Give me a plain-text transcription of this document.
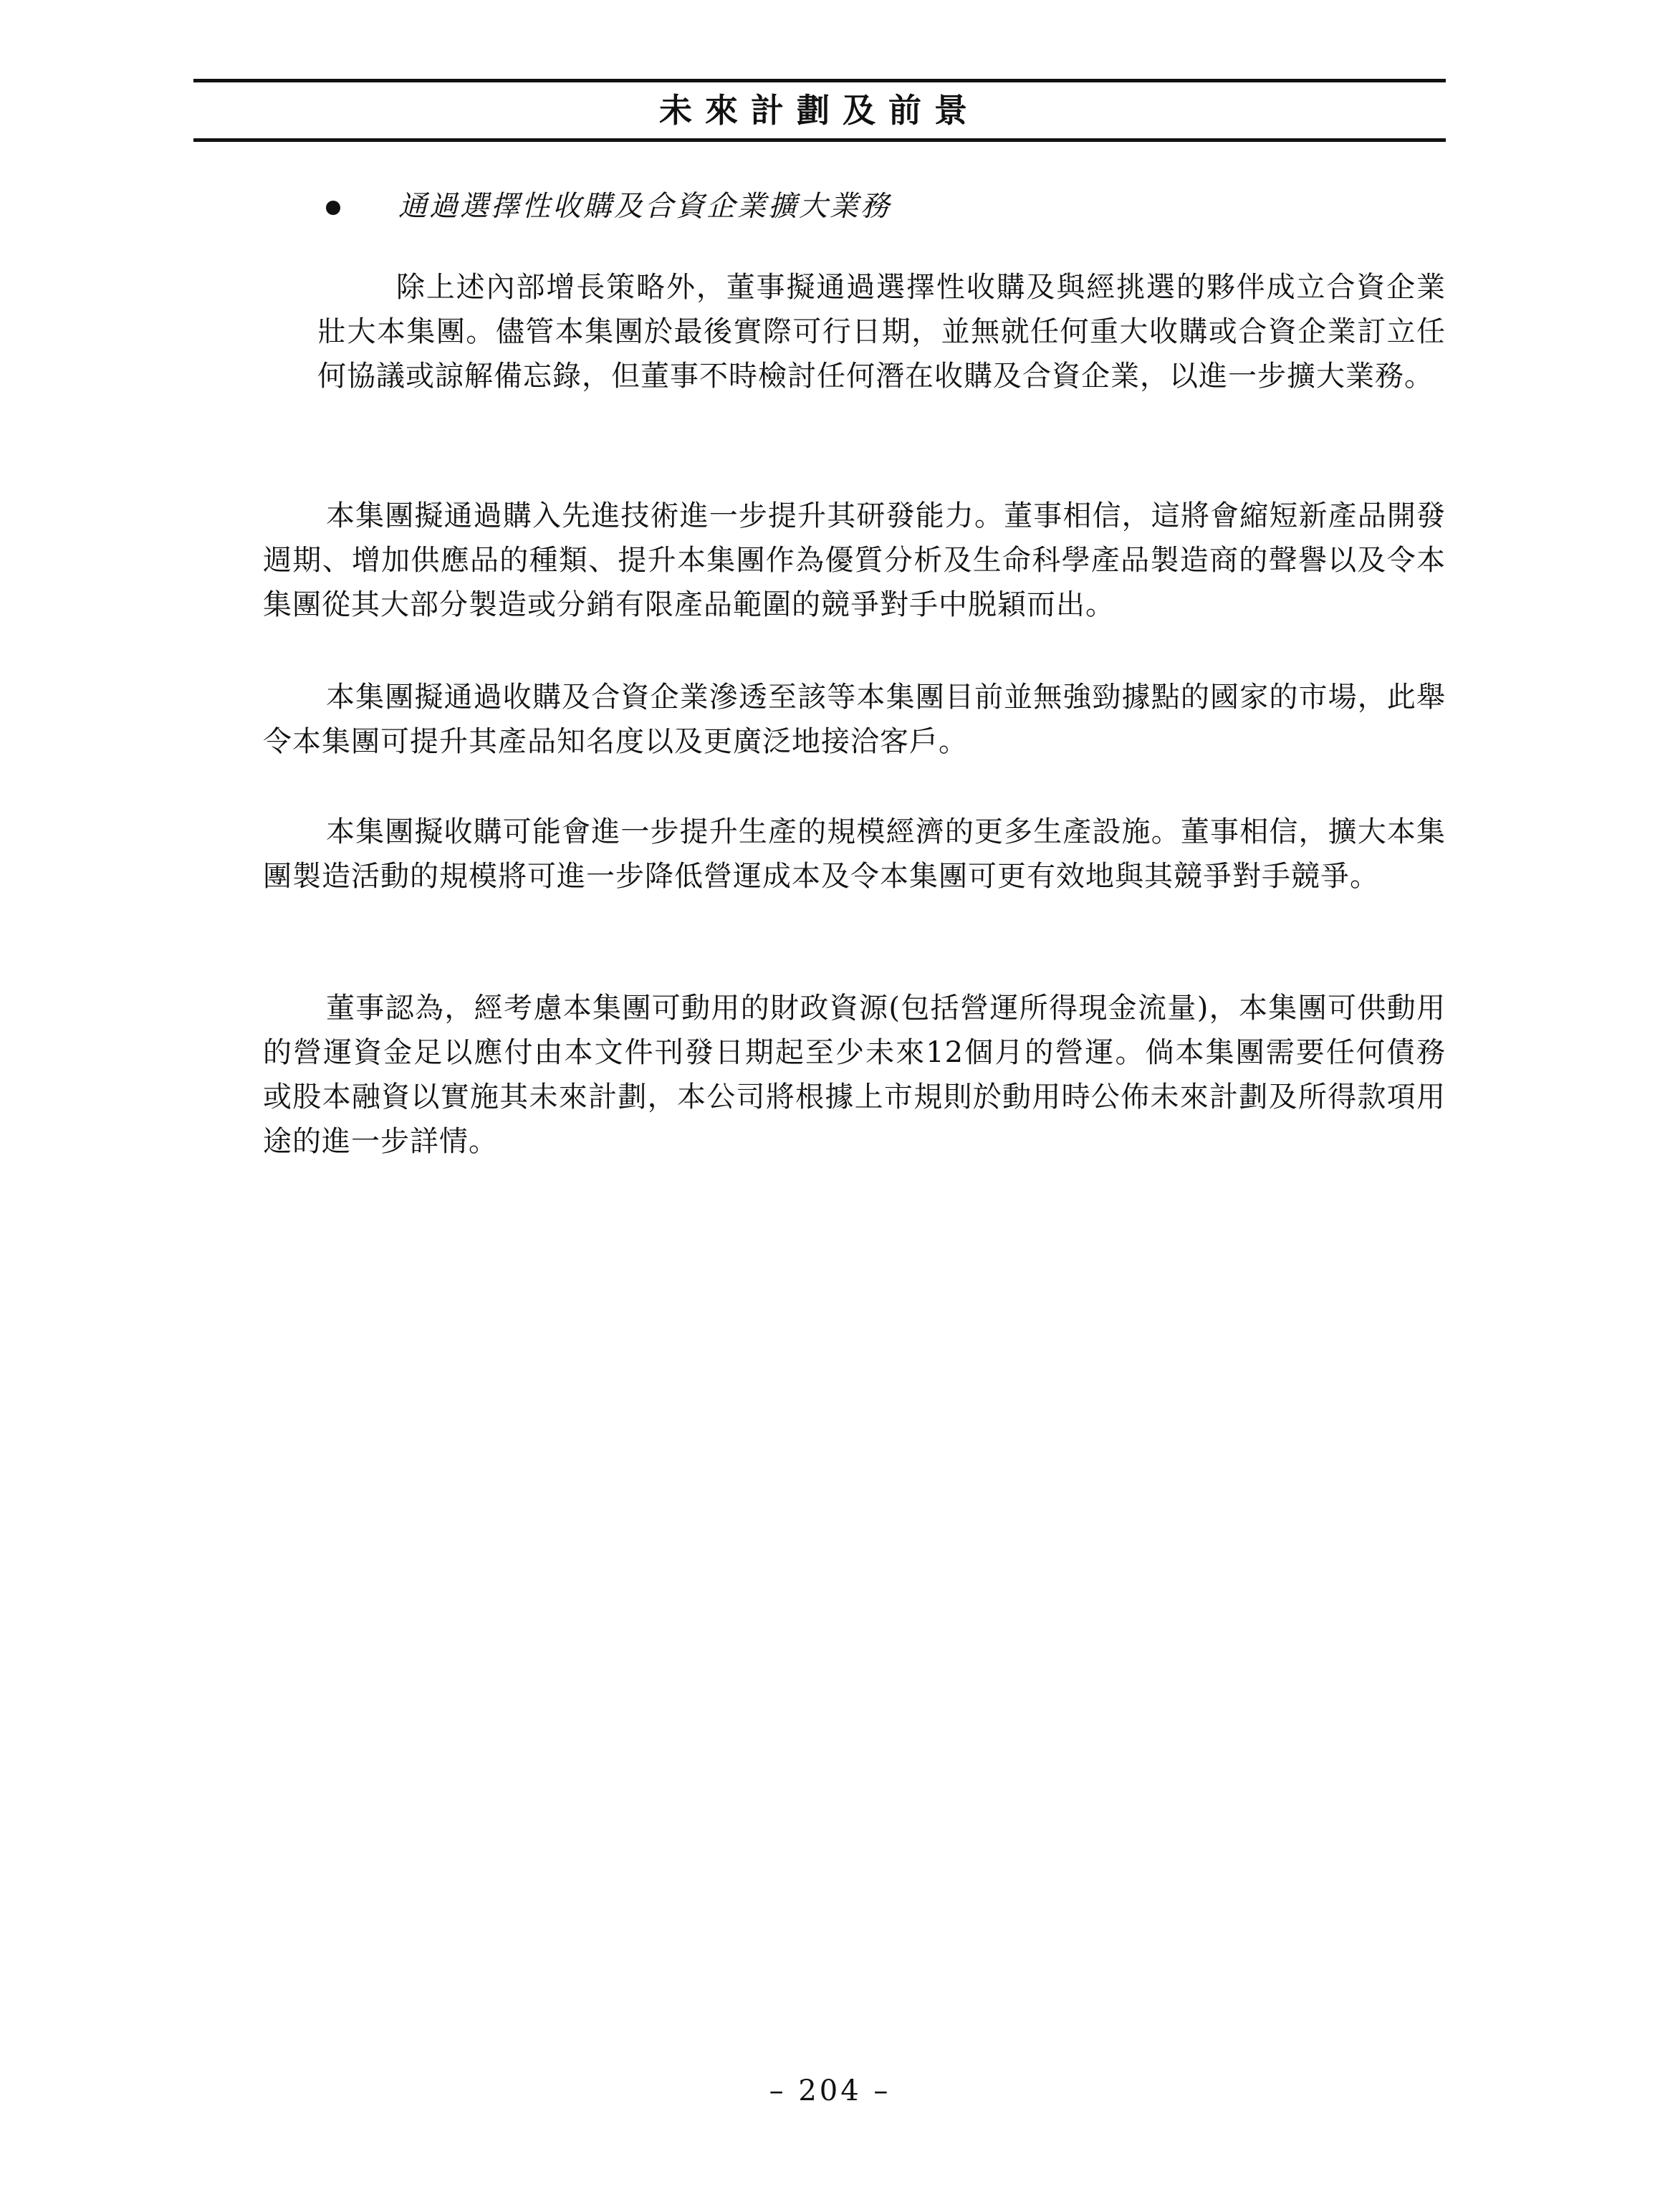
未來計劃及前景
通過選擇性收購及合資企業擴大業務

除上述內部增長策略外，董事擬通過選擇性收購及與經挑選的夥伴成立合資企業壯大本集團。儘管本集團於最後實際可行日期，並無就任何重大收購或合資企業訂立任何協議或諒解備忘錄，但董事不時檢討任何潛在收購及合資企業，以進一步擴大業務。

本集團擬通過購入先進技術進一步提升其研發能力。董事相信，這將會縮短新產品開發週期、增加供應品的種類、提升本集團作為優質分析及生命科學產品製造商的聲譽以及令本集團從其大部分製造或分銷有限產品範圍的競爭對手中脱穎而出。

本集團擬通過收購及合資企業滲透至該等本集團目前並無強勁據點的國家的市場，此舉令本集團可提升其產品知名度以及更廣泛地接洽客戶。

本集團擬收購可能會進一步提升生產的規模經濟的更多生產設施。董事相信，擴大本集團製造活動的規模將可進一步降低營運成本及令本集團可更有效地與其競爭對手競爭。

董事認為，經考慮本集團可動用的財政資源(包括營運所得現金流量)，本集團可供動用的營運資金足以應付由本文件刊發日期起至少未來12個月的營運。倘本集團需要任何債務或股本融資以實施其未來計劃，本公司將根據上市規則於動用時公佈未來計劃及所得款項用途的進一步詳情。

– 204 –
